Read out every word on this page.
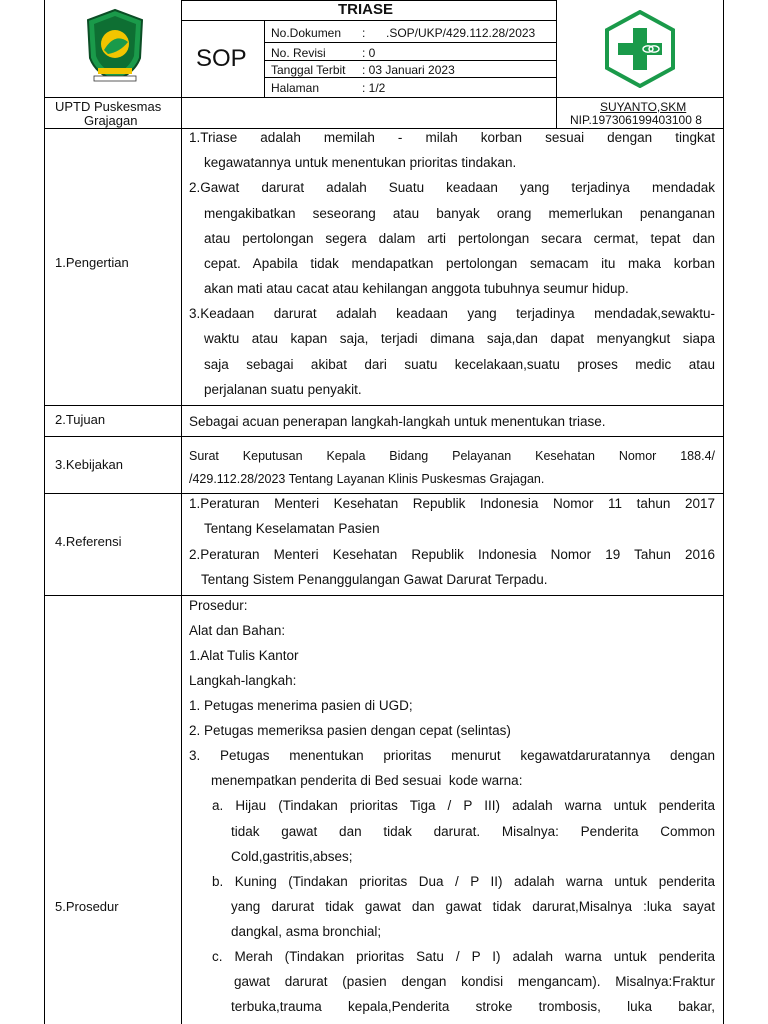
TRIASE
SOP
No.Dokumen : .SOP/UKP/429.112.28/2023
No. Revisi	: 0
Tanggal Terbit : 03 Januari 2023
Halaman	: 1/2
UPTD Puskesmas
Grajagan
SUYANTO,SKM
NIP.197306199403100 8
1.Pengertian
2.Tujuan
3.Kebijakan
4.Referensi
5.Prosedur
1.Triase adalah memilah - milah korban sesuai dengan tingkat
kegawatannya untuk menentukan prioritas tindakan.
2.Gawat darurat adalah Suatu keadaan yang terjadinya mendadak
mengakibatkan seseorang atau banyak orang memerlukan penanganan
atau pertolongan segera dalam arti pertolongan secara cermat, tepat dan
cepat. Apabila tidak mendapatkan pertolongan semacam itu maka korban
akan mati atau cacat atau kehilangan anggota tubuhnya seumur hidup.
3.Keadaan darurat adalah keadaan yang terjadinya mendadak,sewaktu-
waktu atau kapan saja, terjadi dimana saja,dan dapat menyangkut siapa
saja sebagai akibat dari suatu kecelakaan,suatu proses medic atau
perjalanan suatu penyakit.
Sebagai acuan penerapan langkah-langkah untuk menentukan triase.
Surat Keputusan Kepala Bidang Pelayanan Kesehatan Nomor 188.4/
/429.112.28/2023 Tentang Layanan Klinis Puskesmas Grajagan.
1.Peraturan Menteri Kesehatan Republik Indonesia Nomor 11 tahun 2017
Tentang Keselamatan Pasien
2.Peraturan Menteri Kesehatan Republik Indonesia Nomor 19 Tahun 2016
Tentang Sistem Penanggulangan Gawat Darurat Terpadu.
Prosedur:
Alat dan Bahan:
1.Alat Tulis Kantor
Langkah-langkah:
1. Petugas menerima pasien di UGD;
2. Petugas memeriksa pasien dengan cepat (selintas)
3. Petugas menentukan prioritas menurut kegawatdaruratannya dengan
menempatkan penderita di Bed sesuai  kode warna:
a. Hijau (Tindakan prioritas Tiga / P III) adalah warna untuk penderita
tidak gawat dan tidak darurat. Misalnya: Penderita Common
Cold,gastritis,abses;
b. Kuning (Tindakan prioritas Dua / P II) adalah warna untuk penderita
yang darurat tidak gawat dan gawat tidak darurat,Misalnya :luka sayat
dangkal, asma bronchial;
c. Merah (Tindakan prioritas Satu / P I) adalah warna untuk penderita
gawat darurat (pasien dengan kondisi mengancam). Misalnya:Fraktur
terbuka,trauma kepala,Penderita stroke trombosis, luka bakar,
